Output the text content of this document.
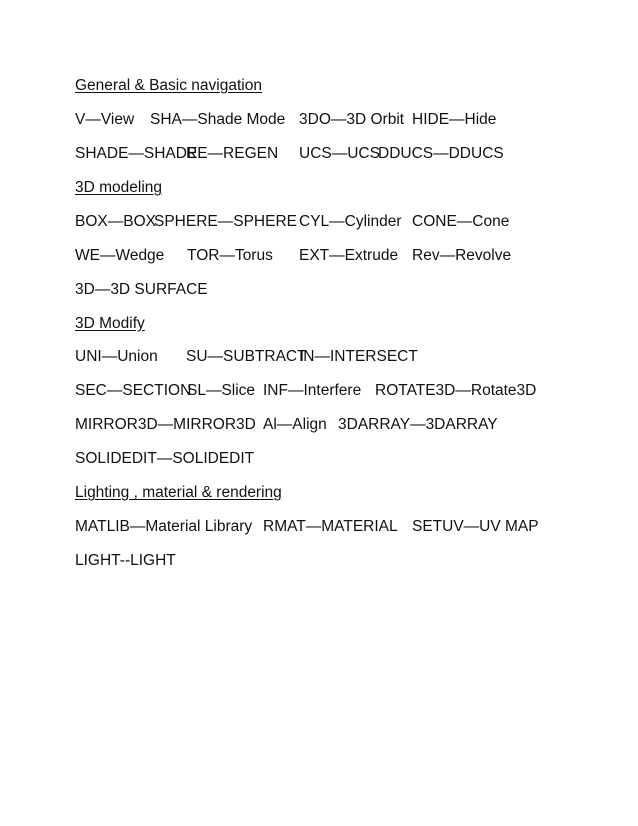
General & Basic navigation
V—View SHA—Shade Mode 3DO—3D Orbit HIDE—Hide
SHADE—SHADE
RE—REGEN UCS—UCS
DDUCS—DDUCS
3D modeling
BOX—BOX
SPHERE—SPHERE CYL—Cylinder CONE—Cone
WE—Wedge TOR—Torus EXT—Extrude Rev—Revolve
3D—3D SURFACE
3D Modify
UNI—Union SU—SUBTRACT
IN—INTERSECT
SEC—SECTION
SL—Slice INF—Interfere ROTATE3D—Rotate3D
MIRROR3D—MIRROR3D Al—Align 3DARRAY—3DARRAY
SOLIDEDIT—SOLIDEDIT
Lighting , material & rendering
MATLIB—Material Library RMAT—MATERIAL SETUV—UV MAP
LIGHT--LIGHT
